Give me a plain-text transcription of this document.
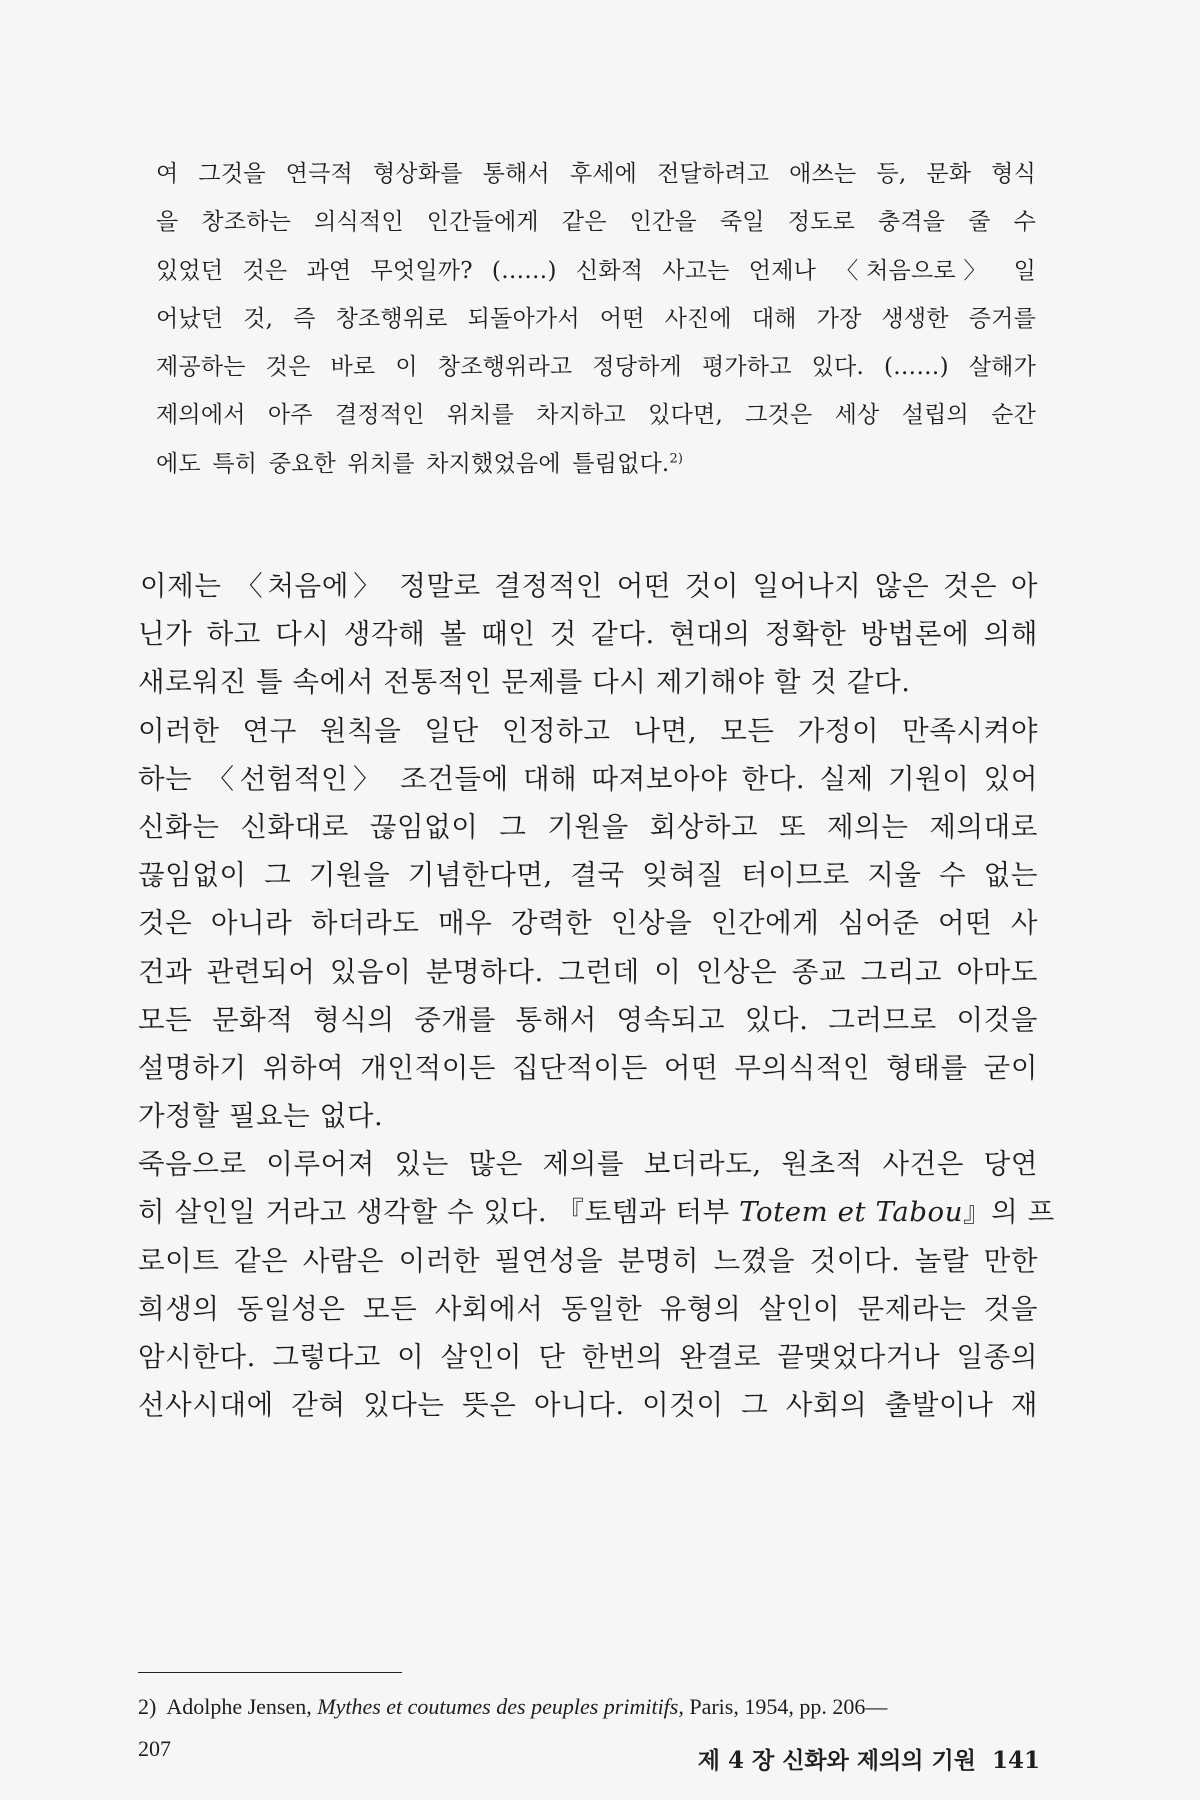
여 그것을 연극적 형상화를 통해서 후세에 전달하려고 애쓰는 등, 문화 형식
을 창조하는 의식적인 인간들에게 같은 인간을 죽일 정도로 충격을 줄 수
있었던 것은 과연 무엇일까? (……) 신화적 사고는 언제나 〈처음으로〉 일
어났던 것, 즉 창조행위로 되돌아가서 어떤 사진에 대해 가장 생생한 증거를
제공하는 것은 바로 이 창조행위라고 정당하게 평가하고 있다. (……) 살해가
제의에서 아주 결정적인 위치를 차지하고 있다면, 그것은 세상 설립의 순간
에도 특히 중요한 위치를 차지했었음에 틀림없다.$^{2)}$
이제는 〈처음에〉 정말로 결정적인 어떤 것이 일어나지 않은 것은 아
닌가 하고 다시 생각해 볼 때인 것 같다. 현대의 정확한 방법론에 의해
새로워진 틀 속에서 전통적인 문제를 다시 제기해야 할 것 같다.
이러한 연구 원칙을 일단 인정하고 나면, 모든 가정이 만족시켜야
하는 〈선험적인〉 조건들에 대해 따져보아야 한다. 실제 기원이 있어
신화는 신화대로 끊임없이 그 기원을 회상하고 또 제의는 제의대로
끊임없이 그 기원을 기념한다면, 결국 잊혀질 터이므로 지울 수 없는
것은 아니라 하더라도 매우 강력한 인상을 인간에게 심어준 어떤 사
건과 관련되어 있음이 분명하다. 그런데 이 인상은 종교 그리고 아마도
모든 문화적 형식의 중개를 통해서 영속되고 있다. 그러므로 이것을
설명하기 위하여 개인적이든 집단적이든 어떤 무의식적인 형태를 굳이
가정할 필요는 없다.
죽음으로 이루어져 있는 많은 제의를 보더라도, 원초적 사건은 당연
히 살인일 거라고 생각할 수 있다. 『토템과 터부 Totem et Tabou』의 프
로이트 같은 사람은 이러한 필연성을 분명히 느꼈을 것이다. 놀랄 만한
희생의 동일성은 모든 사회에서 동일한 유형의 살인이 문제라는 것을
암시한다. 그렇다고 이 살인이 단 한번의 완결로 끝맺었다거나 일종의
선사시대에 갇혀 있다는 뜻은 아니다. 이것이 그 사회의 출발이나 재
2) Adolphe Jensen, Mythes et coutumes des peuples primitifs, Paris, 1954, pp. 206—
207	제 4 장 신화와 제의의 기원 141
